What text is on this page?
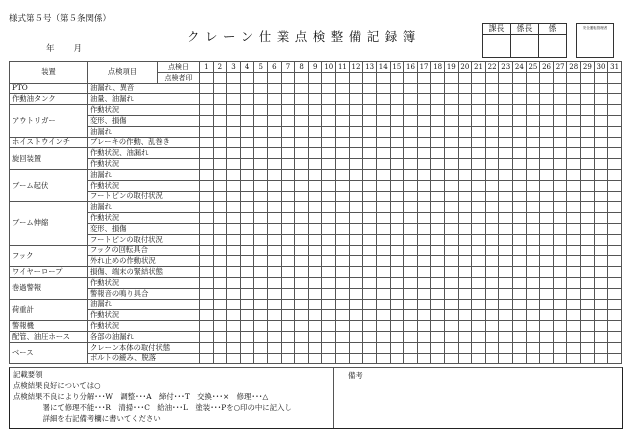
様式第５号（第５条関係）
クレーン仕業点検整備記録簿
年 月
課長	係長	係
			安全運転管理者
装置	点検項目	点検日	1	2	3	4	5	6	7	8	9	10	11	12	13	14	15	16	17	18	19	20	21	22	23	24	25	26	27	28	29	30	31
		点検者印																															
PTO	油漏れ、異音																																
作動油タンク	油量、油漏れ																																
アウトリガー	作動状況																																
	変形、損傷																																
	油漏れ																																
ホイストウインチ	ブレーキの作動、乱巻き																																
旋回装置	作動状況、油漏れ																																
	作動状況																																
ブーム起伏	油漏れ																																
	作動状況																																
	フートピンの取付状況																																
ブーム伸縮	油漏れ																																
	作動状況																																
	変形、損傷																																
	フートピンの取付状況																																
フック	フックの回転具合																																
	外れ止めの作動状況																																
ワイヤーロープ	損傷、端末の緊結状態																																
巻過警報	作動状況																																
	警報音の鳴り具合																																
荷重計	油漏れ																																
	作動状況																																
警報機	作動状況																																
配管、油圧ホース	各部の油漏れ																																
ベース	クレーン本体の取付状態																																
	ボルトの緩み、脱落																																
記載要領
点検結果良好については○
点検結果不良により分解･･･W　調整･･･A　締付･･･T　交換･･･×　修理･･･△
　　　　署にて修理不能･･･R　清掃･･･C　給油･･･L　塗装･･･Pを○印の中に記入し
　　　　詳細を右記備考欄に書いてください
備考
